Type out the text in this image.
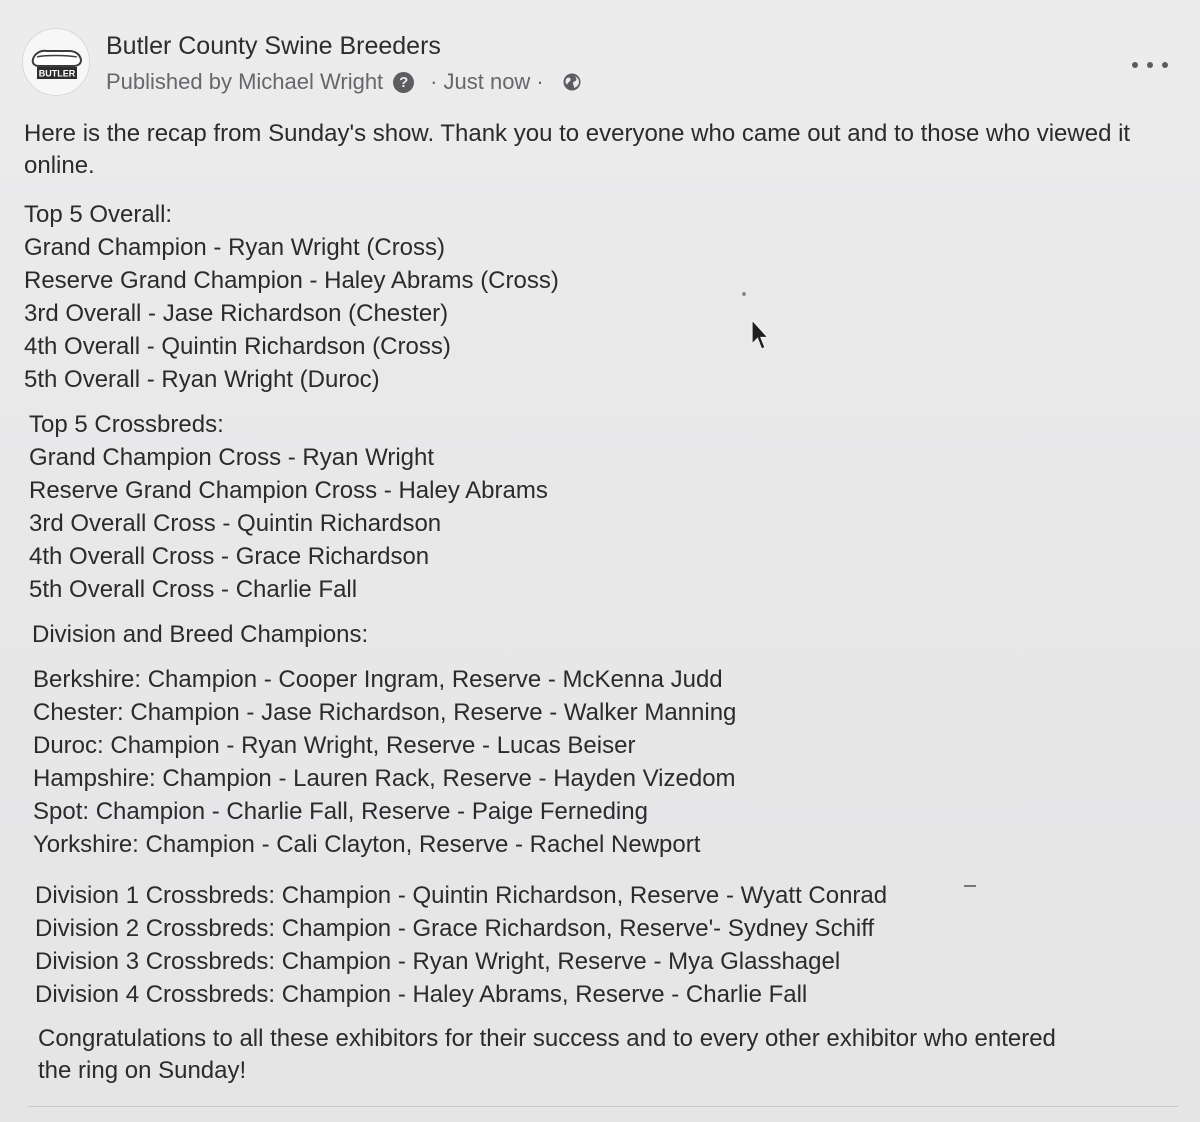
BUTLER
Butler County Swine Breeders
Published by Michael Wright	? · Just now ·
Here is the recap from Sunday's show. Thank you to everyone who came out and to those who viewed it online.
Top 5 Overall:
Grand Champion - Ryan Wright (Cross)
Reserve Grand Champion - Haley Abrams (Cross)
3rd Overall - Jase Richardson (Chester)
4th Overall - Quintin Richardson (Cross)
5th Overall - Ryan Wright (Duroc)
Top 5 Crossbreds:
Grand Champion Cross - Ryan Wright
Reserve Grand Champion Cross - Haley Abrams
3rd Overall Cross - Quintin Richardson
4th Overall Cross - Grace Richardson
5th Overall Cross - Charlie Fall
Division and Breed Champions:
Berkshire: Champion - Cooper Ingram, Reserve - McKenna Judd
Chester: Champion - Jase Richardson, Reserve - Walker Manning
Duroc: Champion - Ryan Wright, Reserve - Lucas Beiser
Hampshire: Champion - Lauren Rack, Reserve - Hayden Vizedom
Spot: Champion - Charlie Fall, Reserve - Paige Ferneding
Yorkshire: Champion - Cali Clayton, Reserve - Rachel Newport
Division 1 Crossbreds: Champion - Quintin Richardson, Reserve - Wyatt Conrad
Division 2 Crossbreds: Champion - Grace Richardson, Reserve'- Sydney Schiff
Division 3 Crossbreds: Champion - Ryan Wright, Reserve - Mya Glasshagel
Division 4 Crossbreds: Champion - Haley Abrams, Reserve - Charlie Fall
Congratulations to all these exhibitors for their success and to every other exhibitor who entered the ring on Sunday!
